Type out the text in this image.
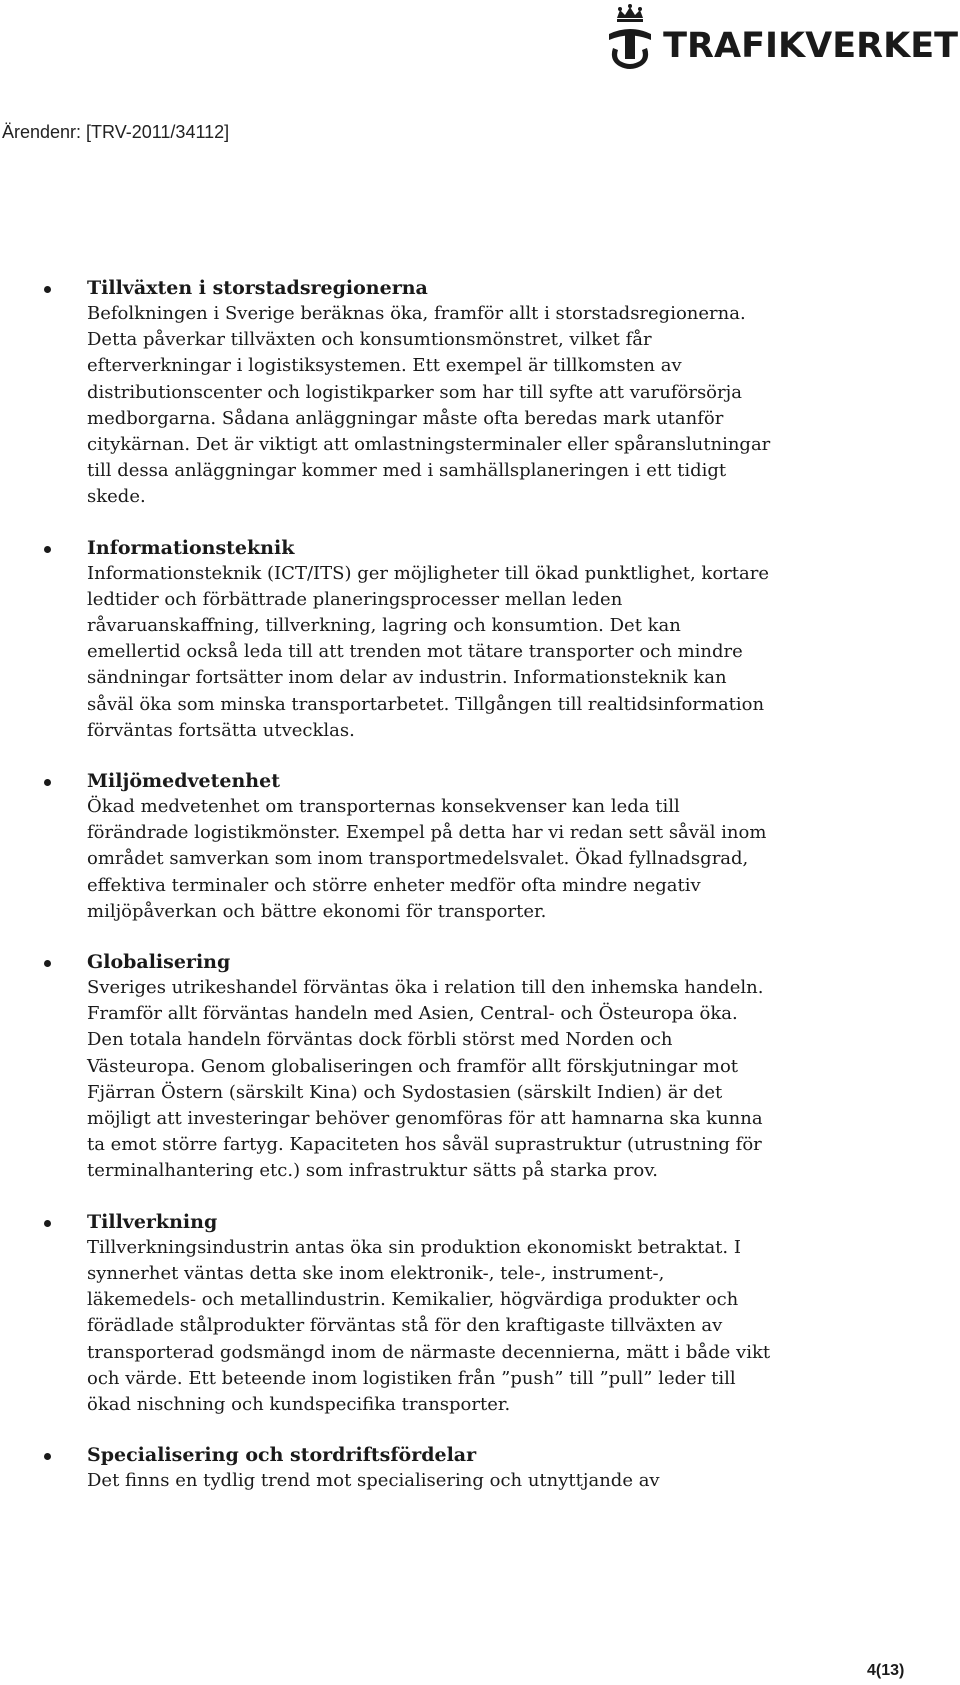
TRAFIKVERKET
Ärendenr: [TRV-2011/34112]
Tillväxten i storstadsregionerna
Befolkningen i Sverige beräknas öka, framför allt i storstadsregionerna.
Detta påverkar tillväxten och konsumtionsmönstret, vilket får
efterverkningar i logistiksystemen. Ett exempel är tillkomsten av
distributionscenter och logistikparker som har till syfte att varuförsörja
medborgarna. Sådana anläggningar måste ofta beredas mark utanför
citykärnan. Det är viktigt att omlastningsterminaler eller spåranslutningar
till dessa anläggningar kommer med i samhällsplaneringen i ett tidigt
skede.
Informationsteknik
Informationsteknik (ICT/ITS) ger möjligheter till ökad punktlighet, kortare
ledtider och förbättrade planeringsprocesser mellan leden
råvaruanskaffning, tillverkning, lagring och konsumtion. Det kan
emellertid också leda till att trenden mot tätare transporter och mindre
sändningar fortsätter inom delar av industrin. Informationsteknik kan
såväl öka som minska transportarbetet. Tillgången till realtidsinformation
förväntas fortsätta utvecklas.
Miljömedvetenhet
Ökad medvetenhet om transporternas konsekvenser kan leda till
förändrade logistikmönster. Exempel på detta har vi redan sett såväl inom
området samverkan som inom transportmedelsvalet. Ökad fyllnadsgrad,
effektiva terminaler och större enheter medför ofta mindre negativ
miljöpåverkan och bättre ekonomi för transporter.
Globalisering
Sveriges utrikeshandel förväntas öka i relation till den inhemska handeln.
Framför allt förväntas handeln med Asien, Central- och Östeuropa öka.
Den totala handeln förväntas dock förbli störst med Norden och
Västeuropa. Genom globaliseringen och framför allt förskjutningar mot
Fjärran Östern (särskilt Kina) och Sydostasien (särskilt Indien) är det
möjligt att investeringar behöver genomföras för att hamnarna ska kunna
ta emot större fartyg. Kapaciteten hos såväl suprastruktur (utrustning för
terminalhantering etc.) som infrastruktur sätts på starka prov.
Tillverkning
Tillverkningsindustrin antas öka sin produktion ekonomiskt betraktat. I
synnerhet väntas detta ske inom elektronik-, tele-, instrument-,
läkemedels- och metallindustrin. Kemikalier, högvärdiga produkter och
förädlade stålprodukter förväntas stå för den kraftigaste tillväxten av
transporterad godsmängd inom de närmaste decennierna, mätt i både vikt
och värde. Ett beteende inom logistiken från ”push” till ”pull” leder till
ökad nischning och kundspecifika transporter.
Specialisering och stordriftsfördelar
Det finns en tydlig trend mot specialisering och utnyttjande av
4(13)
